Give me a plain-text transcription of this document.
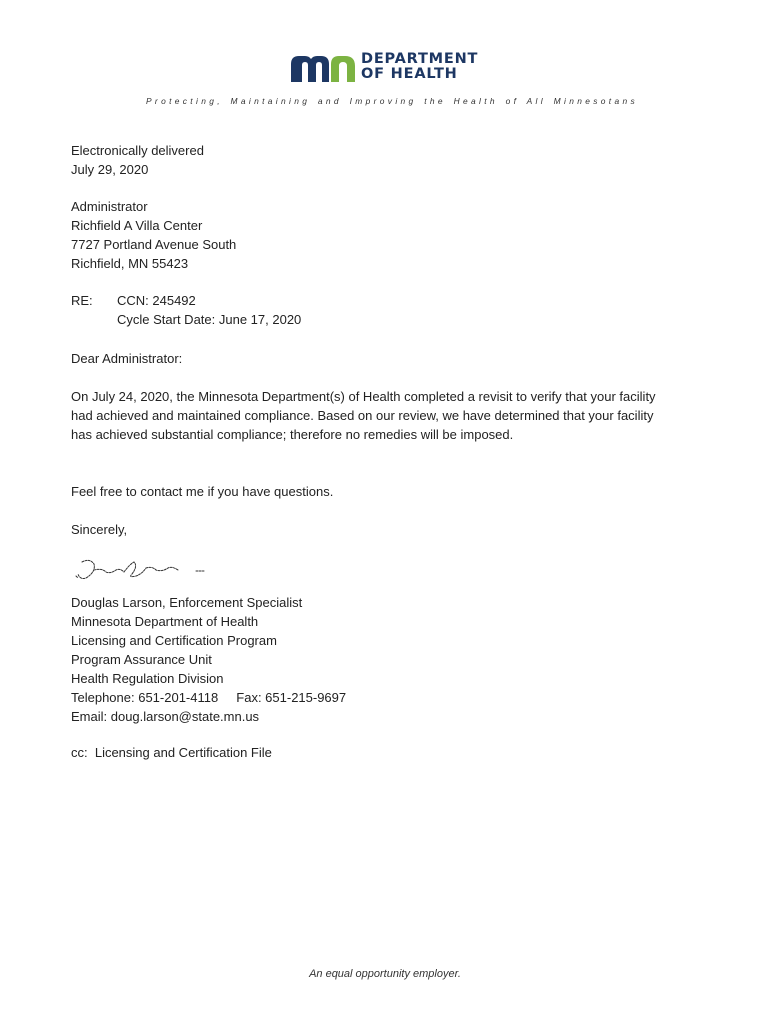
DEPARTMENT
OF HEALTH
Protecting, Maintaining and Improving the Health of All Minnesotans
Electronically delivered
July 29, 2020
Administrator
Richfield A Villa Center
7727 Portland Avenue South
Richfield, MN 55423
RE: CCN: 245492
Cycle Start Date: June 17, 2020
Dear Administrator:
On July 24, 2020, the Minnesota Department(s) of Health completed a revisit to verify that your facility
had achieved and maintained compliance. Based on our review, we have determined that your facility
has achieved substantial compliance; therefore no remedies will be imposed.
Feel free to contact me if you have questions.
Sincerely,
Douglas Larson, Enforcement Specialist
Minnesota Department of Health
Licensing and Certification Program
Program Assurance Unit
Health Regulation Division
Telephone: 651-201-4118     Fax: 651-215-9697
Email: doug.larson@state.mn.us
cc:  Licensing and Certification File
An equal opportunity employer.
